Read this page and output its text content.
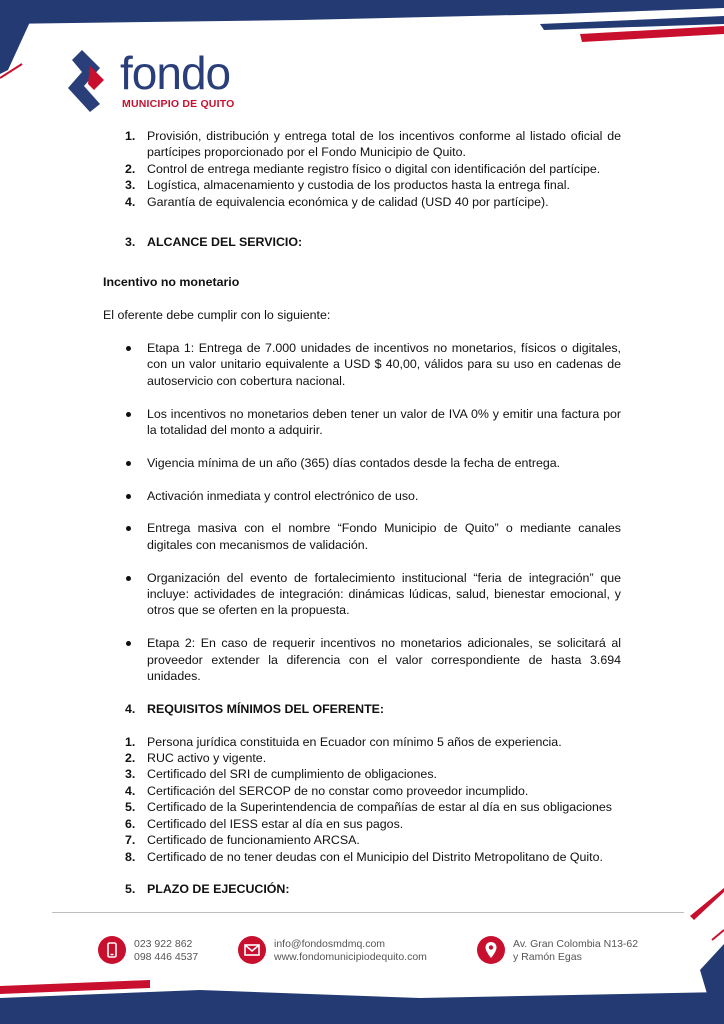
fondo
MUNICIPIO DE QUITO
1. Provisión, distribución y entrega total de los incentivos conforme al listado oficial de partícipes proporcionado por el Fondo Municipio de Quito.
2. Control de entrega mediante registro físico o digital con identificación del partícipe.
3. Logística, almacenamiento y custodia de los productos hasta la entrega final.
4. Garantía de equivalencia económica y de calidad (USD 40 por partícipe).
3. ALCANCE DEL SERVICIO:

Incentivo no monetario

El oferente debe cumplir con lo siguiente:

Etapa 1: Entrega de 7.000 unidades de incentivos no monetarios, físicos o digitales, con un valor unitario equivalente a USD $ 40,00, válidos para su uso en cadenas de autoservicio con cobertura nacional.
Los incentivos no monetarios deben tener un valor de IVA 0% y emitir una factura por la totalidad del monto a adquirir.
Vigencia mínima de un año (365) días contados desde la fecha de entrega.
Activación inmediata y control electrónico de uso.
Entrega masiva con el nombre “Fondo Municipio de Quito” o mediante canales digitales con mecanismos de validación.
Organización del evento de fortalecimiento institucional “feria de integración” que incluye: actividades de integración: dinámicas lúdicas, salud, bienestar emocional, y otros que se oferten en la propuesta.
Etapa 2: En caso de requerir incentivos no monetarios adicionales, se solicitará al proveedor extender la diferencia con el valor correspondiente de hasta 3.694 unidades.
4. REQUISITOS MÍNIMOS DEL OFERENTE:
1. Persona jurídica constituida en Ecuador con mínimo 5 años de experiencia.
2. RUC activo y vigente.
3. Certificado del SRI de cumplimiento de obligaciones.
4. Certificación del SERCOP de no constar como proveedor incumplido.
5. Certificado de la Superintendencia de compañías de estar al día en sus obligaciones
6. Certificado del IESS estar al día en sus pagos.
7. Certificado de funcionamiento ARCSA.
8. Certificado de no tener deudas con el Municipio del Distrito Metropolitano de Quito.
5. PLAZO DE EJECUCIÓN:
023 922 862
098 446 4537
info@fondosmdmq.com
www.fondomunicipiodequito.com
Av. Gran Colombia N13-62
y Ramón Egas
